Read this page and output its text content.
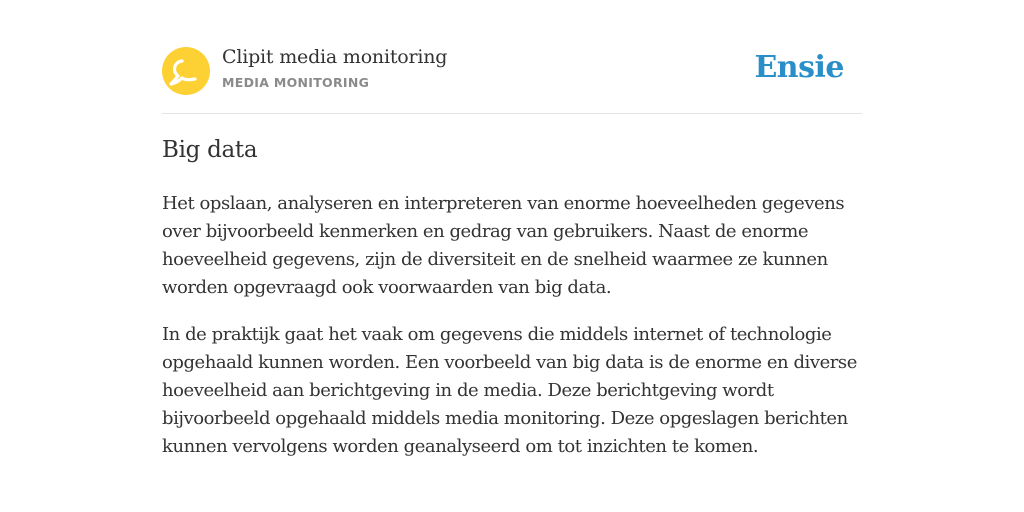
Clipit media monitoring
MEDIA MONITORING	Ensie
Big data

Het opslaan, analyseren en interpreteren van enorme hoeveelheden gegevens over bijvoorbeeld kenmerken en gedrag van gebruikers. Naast de enorme hoeveelheid gegevens, zijn de diversiteit en de snelheid waarmee ze kunnen worden opgevraagd ook voorwaarden van big data.

In de praktijk gaat het vaak om gegevens die middels internet of technologie opgehaald kunnen worden. Een voorbeeld van big data is de enorme en diverse hoeveelheid aan berichtgeving in de media. Deze berichtgeving wordt bijvoorbeeld opgehaald middels media monitoring. Deze opgeslagen berichten kunnen vervolgens worden geanalyseerd om tot inzichten te komen.
